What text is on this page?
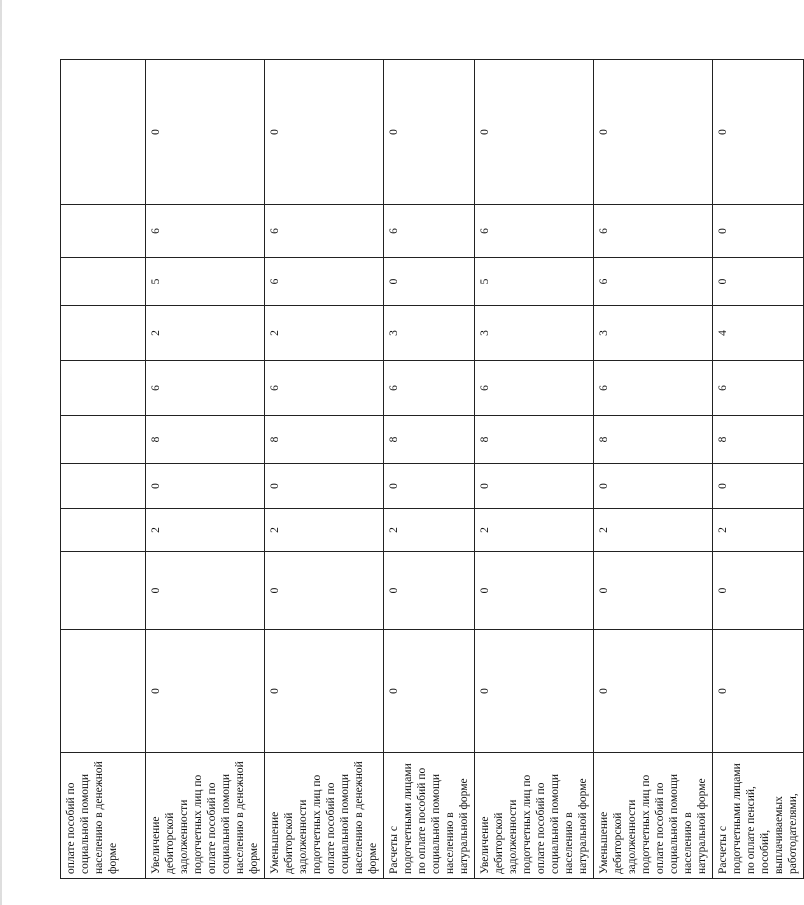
оплате пособий по социальной помощи населению в денежной форме										
Увеличение дебиторской задолженности подотчетных лиц по оплате пособий по социальной помощи населению в денежной форме	0	0	2	0	8	6	2	5	6	0
Уменьшение дебиторской задолженности подотчетных лиц по оплате пособий по социальной помощи населению в денежной форме	0	0	2	0	8	6	2	6	6	0
Расчеты с подотчетными лицами по оплате пособий по социальной помощи населению в натуральной форме	0	0	2	0	8	6	3	0	6	0
Увеличение дебиторской задолженности подотчетных лиц по оплате пособий по социальной помощи населению в натуральной форме	0	0	2	0	8	6	3	5	6	0
Уменьшение дебиторской задолженности подотчетных лиц по оплате пособий по социальной помощи населению в натуральной форме	0	0	2	0	8	6	3	6	6	0
Расчеты с подотчетными лицами по оплате пенсий, пособий, выплачиваемых работодателями,	0	0	2	0	8	6	4	0	0	0
